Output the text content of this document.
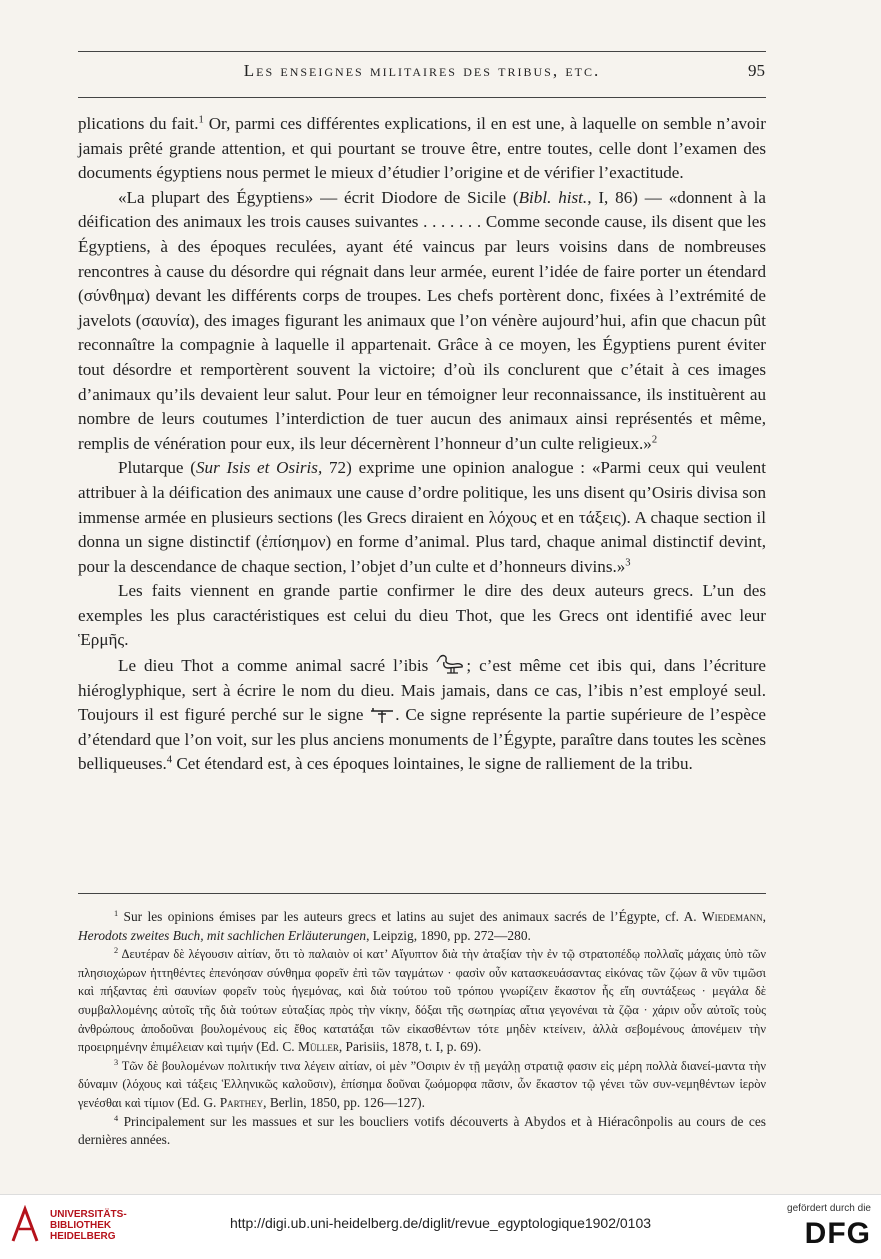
Les enseignes militaires des tribus, etc.	95

plications du fait.$^1$ Or, parmi ces différentes explications, il en est une, à laquelle on semble n’avoir jamais prêté grande attention, et qui pourtant se trouve être, entre toutes, celle dont l’examen des documents égyptiens nous permet le mieux d’étudier l’origine et de vérifier l’exactitude.

«La plupart des Égyptiens» — écrit Diodore de Sicile (Bibl. hist., I, 86) — «donnent à la déification des animaux les trois causes suivantes . . . . . . . Comme seconde cause, ils disent que les Égyptiens, à des époques reculées, ayant été vaincus par leurs voisins dans de nombreuses rencontres à cause du désordre qui régnait dans leur armée, eurent l’idée de faire porter un étendard (σύνθημα) devant les différents corps de troupes. Les chefs portèrent donc, fixées à l’extrémité de javelots (σαυνία), des images figurant les animaux que l’on vénère aujourd’hui, afin que chacun pût reconnaître la compagnie à laquelle il appartenait. Grâce à ce moyen, les Égyptiens purent éviter tout désordre et remportèrent souvent la victoire; d’où ils conclurent que c’était à ces images d’animaux qu’ils devaient leur salut. Pour leur en témoigner leur reconnaissance, ils instituèrent au nombre de leurs coutumes l’interdiction de tuer aucun des animaux ainsi représentés et même, remplis de vénération pour eux, ils leur décernèrent l’honneur d’un culte religieux.»$^2$

Plutarque (Sur Isis et Osiris, 72) exprime une opinion analogue : «Parmi ceux qui veulent attribuer à la déification des animaux une cause d’ordre politique, les uns disent qu’Osiris divisa son immense armée en plusieurs sections (les Grecs diraient en λόχους et en τάξεις). A chaque section il donna un signe distinctif (ἐπίσημον) en forme d’animal. Plus tard, chaque animal distinctif devint, pour la descendance de chaque section, l’objet d’un culte et d’honneurs divins.»$^3$

Les faits viennent en grande partie confirmer le dire des deux auteurs grecs. L’un des exemples les plus caractéristiques est celui du dieu Thot, que les Grecs ont identifié avec leur Ἑρμῆς.

Le dieu Thot a comme animal sacré l’ibis ; c’est même cet ibis qui, dans l’écriture hiéroglyphique, sert à écrire le nom du dieu. Mais jamais, dans ce cas, l’ibis n’est employé seul. Toujours il est figuré perché sur le signe . Ce signe représente la partie supérieure de l’espèce d’étendard que l’on voit, sur les plus anciens monuments de l’Égypte, paraître dans toutes les scènes belliqueuses.$^4$ Cet étendard est, à ces époques lointaines, le signe de ralliement de la tribu.

$^1$ Sur les opinions émises par les auteurs grecs et latins au sujet des animaux sacrés de l’Égypte, cf. A. Wiedemann, Herodots zweites Buch, mit sachlichen Erläuterungen, Leipzig, 1890, pp. 272—280.

$^2$ Δευτέραν δὲ λέγουσιν αἰτίαν, ὅτι τὸ παλαιὸν οἱ κατ’ Αἴγυπτον διὰ τὴν ἀταξίαν τὴν ἐν τῷ στρατοπέδῳ πολλαῖς μάχαις ὑπὸ τῶν πλησιοχώρων ἡττηθέντες ἐπενόησαν σύνθημα φορεῖν ἐπὶ τῶν ταγμάτων · φασὶν οὖν κατασκευάσαντας εἰκόνας τῶν ζῴων ἃ νῦν τιμῶσι καὶ πήξαντας ἐπὶ σαυνίων φορεῖν τοὺς ἡγεμόνας, καὶ διὰ τούτου τοῦ τρόπου γνωρίζειν ἕκαστον ἧς εἴη συντάξεως · μεγάλα δὲ συμβαλλομένης αὐτοῖς τῆς διὰ τούτων εὐταξίας πρὸς τὴν νίκην, δόξαι τῆς σωτηρίας αἴτια γεγονέναι τὰ ζῷα · χάριν οὖν αὐτοῖς τοὺς ἀνθρώπους ἀποδοῦναι βουλομένους εἰς ἔθος κατατάξαι τῶν εἰκασθέντων τότε μηδὲν κτείνειν, ἀλλὰ σεβομένους ἀπονέμειν τὴν προειρημένην ἐπιμέλειαν καὶ τιμήν (Ed. C. Müller, Parisiis, 1878, t. I, p. 69).

$^3$ Τῶν δὲ βουλομένων πολιτικήν τινα λέγειν αἰτίαν, οἱ μὲν ”Οσιριν ἐν τῇ μεγάλῃ στρατιᾷ φασιν εἰς μέρη πολλὰ διανεί-μαντα τὴν δύναμιν (λόχους καὶ τάξεις Ἑλληνικῶς καλοῦσιν), ἐπίσημα δοῦναι ζωόμορφα πᾶσιν, ὧν ἕκαστον τῷ γένει τῶν συν-νεμηθέντων ἱερὸν γενέσθαι καὶ τίμιον (Ed. G. Parthey, Berlin, 1850, pp. 126—127).

$^4$ Principalement sur les massues et sur les boucliers votifs découverts à Abydos et à Hiéracônpolis au cours de ces dernières années.

UNIVERSITÄTS-
BIBLIOTHEK
HEIDELBERG
http://digi.ub.uni-heidelberg.de/diglit/revue_egyptologique1902/0103
gefördert durch die
DFG
